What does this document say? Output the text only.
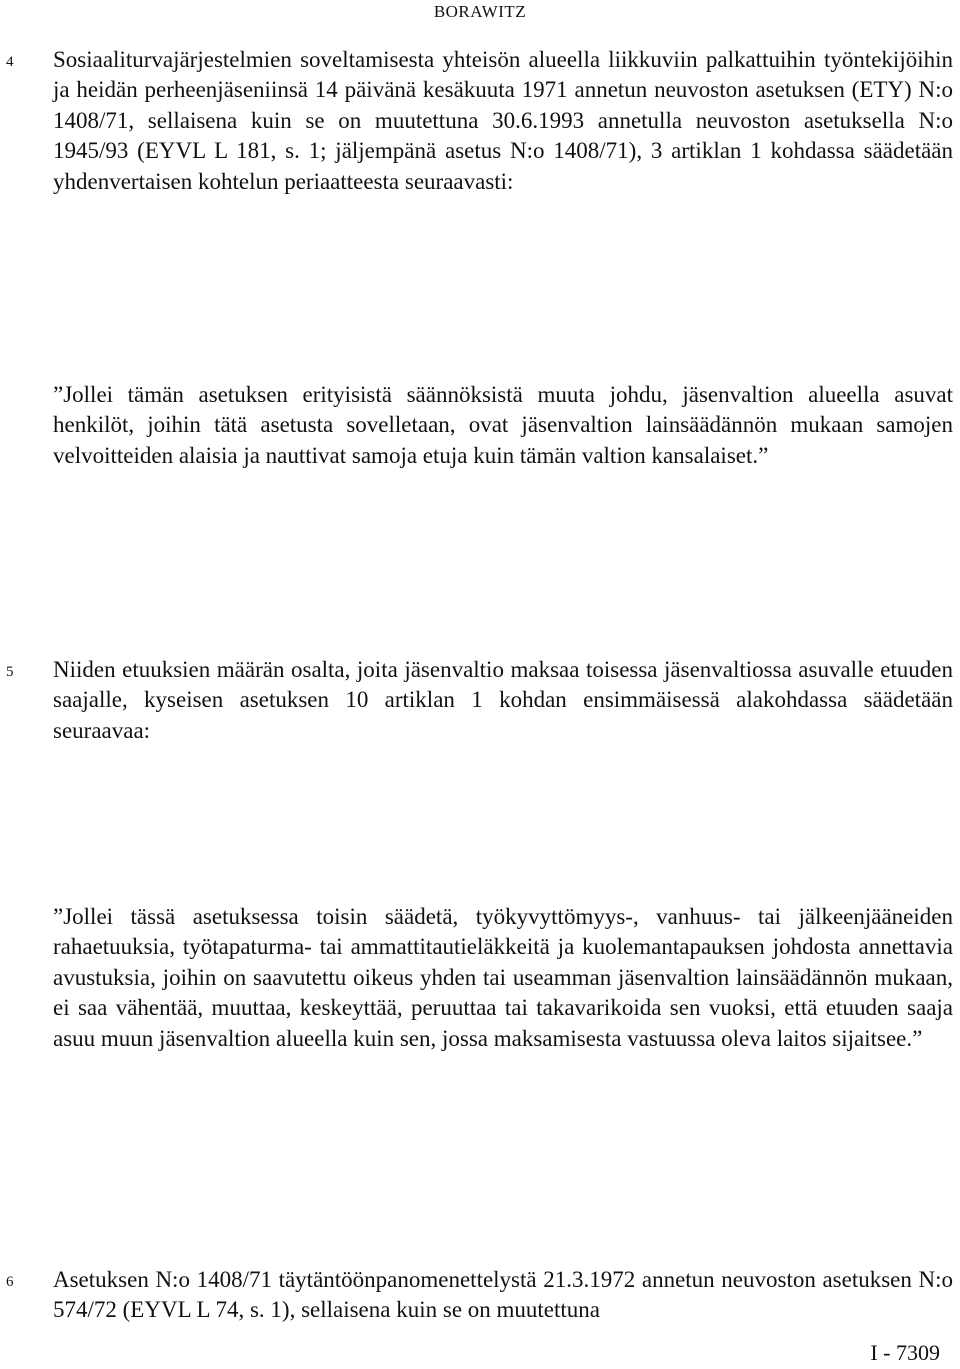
BORAWITZ
4 Sosiaaliturvajärjestelmien soveltamisesta yhteisön alueella liikkuviin palkattuihin työntekijöihin ja heidän perheenjäseniinsä 14 päivänä kesäkuuta 1971 annetun neuvoston asetuksen (ETY) N:o 1408/71, sellaisena kuin se on muutettuna 30.6.1993 annetulla neuvoston asetuksella N:o 1945/93 (EYVL L 181, s. 1; jäljempänä asetus N:o 1408/71), 3 artiklan 1 kohdassa säädetään yhdenvertaisen kohtelun periaatteesta seuraavasti:

”Jollei tämän asetuksen erityisistä säännöksistä muuta johdu, jäsenvaltion alueella asuvat henkilöt, joihin tätä asetusta sovelletaan, ovat jäsenvaltion lainsäädännön mukaan samojen velvoitteiden alaisia ja nauttivat samoja etuja kuin tämän valtion kansalaiset.”

5 Niiden etuuksien määrän osalta, joita jäsenvaltio maksaa toisessa jäsenvaltiossa asuvalle etuuden saajalle, kyseisen asetuksen 10 artiklan 1 kohdan ensimmäisessä alakohdassa säädetään seuraavaa:

”Jollei tässä asetuksessa toisin säädetä, työkyvyttömyys-, vanhuus- tai jälkeenjääneiden rahaetuuksia, työtapaturma- tai ammattitautieläkkeitä ja kuolemantapauksen johdosta annettavia avustuksia, joihin on saavutettu oikeus yhden tai useamman jäsenvaltion lainsäädännön mukaan, ei saa vähentää, muuttaa, keskeyttää, peruuttaa tai takavarikoida sen vuoksi, että etuuden saaja asuu muun jäsenvaltion alueella kuin sen, jossa maksamisesta vastuussa oleva laitos sijaitsee.”

6 Asetuksen N:o 1408/71 täytäntöönpanomenettelystä 21.3.1972 annetun neuvoston asetuksen N:o 574/72 (EYVL L 74, s. 1), sellaisena kuin se on muutettuna

I - 7309
